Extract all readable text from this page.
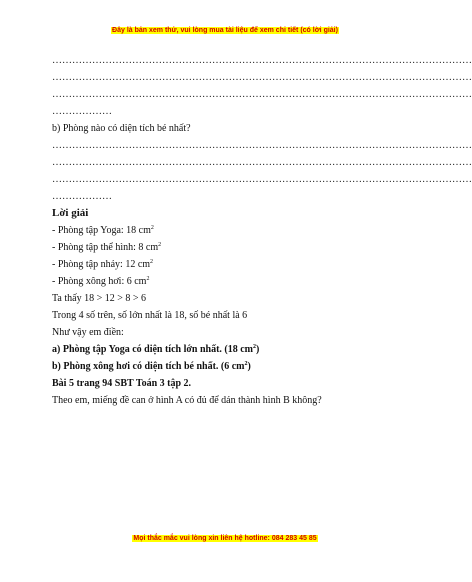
Đây là bản xem thử, vui lòng mua tài liệu để xem chi tiết (có lời giải)
………………………………………………………………………………………………………………
………………………………………………………………………………………………………………
………………………………………………………………………………………………………………
………………
b) Phòng nào có diện tích bé nhất?
………………………………………………………………………………………………………………
………………………………………………………………………………………………………………
………………………………………………………………………………………………………………
………………
Lời giải
- Phòng tập Yoga: 18 $cm^2$
- Phòng tập thể hình: 8 $cm^2$
- Phòng tập nhảy: 12 $cm^2$
- Phòng xông hơi: 6 $cm^2$
Ta thấy 18 > 12 > 8 > 6
Trong 4 số trên, số lớn nhất là 18, số bé nhất là 6
Như vậy em điền:
a) Phòng tập Yoga có diện tích lớn nhất. (18 $cm^2$)
b) Phòng xông hơi có diện tích bé nhất. (6 $cm^2$)
Bài 5 trang 94 SBT Toán 3 tập 2.
Theo em, miếng đề can ở hình A có đủ để dán thành hình B không?
Mọi thắc mắc vui lòng xin liên hệ hotline: 084 283 45 85
